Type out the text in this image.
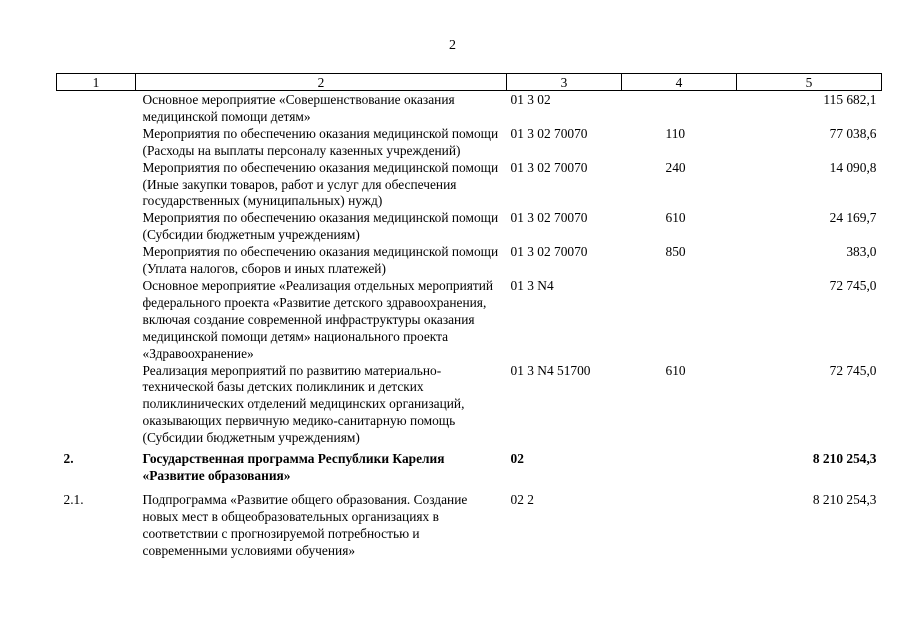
2
1	2	3	4	5
	Основное мероприятие «Совершенствование оказания медицинской помощи детям»	01 3 02		115 682,1
	Мероприятия по обеспечению оказания медицинской помощи (Расходы на выплаты персоналу казенных учреждений)	01 3 02 70070	110	77 038,6
	Мероприятия по обеспечению оказания медицинской помощи (Иные закупки товаров, работ и услуг для обеспечения государственных (муниципальных) нужд)	01 3 02 70070	240	14 090,8
	Мероприятия по обеспечению оказания медицинской помощи (Субсидии бюджетным учреждениям)	01 3 02 70070	610	24 169,7
	Мероприятия по обеспечению оказания медицинской помощи (Уплата налогов, сборов и иных платежей)	01 3 02 70070	850	383,0
	Основное мероприятие «Реализация отдельных мероприятий федерального проекта «Развитие детского здравоохранения, включая создание современной инфраструктуры оказания медицинской помощи детям» национального проекта «Здравоохранение»	01 3 N4		72 745,0
	Реализация мероприятий по развитию материально-технической базы детских поликлиник и детских поликлинических отделений медицинских организаций, оказывающих первичную медико-санитарную помощь (Субсидии бюджетным учреждениям)	01 3 N4 51700	610	72 745,0
2.	Государственная программа Республики Карелия «Развитие образования»	02		8 210 254,3
2.1.	Подпрограмма «Развитие общего образования. Создание новых мест в общеобразовательных организациях в соответствии с прогнозируемой потребностью и современными условиями обучения»	02 2		8 210 254,3
